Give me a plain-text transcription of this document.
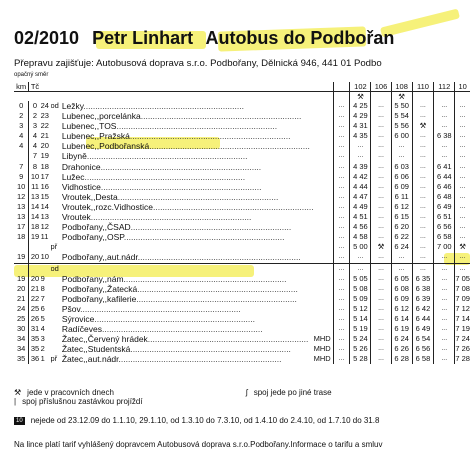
02/2010 Petr Linhart Autobus do Podbořan
Přepravu zajišťuje: Autobusová doprava s.r.o. Podbořany, Dělnická 946, 441 01 Podbo
opačný směr
km	Tč						102	106	108	110	112	10
							⚒		⚒			
0	0	24	od	Ležky .....		...	4 25	...	5 50	...	...	...
2	2	23		Lubenec,,porcelánka .....		...	4 29	...	5 54	...	...	...
3	3	22		Lubenec,,TOS .....		...	4 31	...	5 56	⚒	...	...
4	4	21		Lubenec,,Pražská .....		...	4 35	...	6 00	...	6 38	...
4	4	20		Lubenec,,Podbořanská .....		...	...	...	...	...	...	...
	7	19		Libyně .....		...	...	...	...	...	...	...
7	8	18		Drahonice .....		...	4 39	...	6 03	...	6 41	...
9	10	17		Lužec .....		...	4 42	...	6 06	...	6 44	...
10	11	16		Vidhostice .....		...	4 44	...	6 09	...	6 46	...
12	13	15		Vroutek,,Desta .....		...	4 47	...	6 11	...	6 48	...
13	14	14		Vroutek,,rozc.Vidhostice .....		...	4 49	...	6 12	...	6 49	...
13	14	13		Vroutek .....		...	4 51	...	6 15	...	6 51	...
17	18	12		Podbořany,,ČSAD .....		...	4 56	...	6 20	...	6 56	...
18	19	11		Podbořany,,OSP .....		...	4 58	...	6 22	...	6 58	...
			př			...	5 00	⚒	6 24	...	7 00	⚒
19	20	10		Podbořany,,aut.nádr. .....		...	...	...	...	...	...	...
			od			...	...	...	...	...	...	...
19	20	9		Podbořany,,nám. .....		...	5 05	...	6 05	6 35	...	7 05
20	21	8		Podbořany,,Žatecká .....		...	5 08	...	6 08	6 38	...	7 08
21	22	7		Podbořany,,kafilerie .....		...	5 09	...	6 09	6 39	...	7 09
24	25	6		Pšov .....		...	5 12	...	6 12	6 42	...	7 12
25	26	5		Sýrovice .....		...	5 14	...	6 14	6 44	...	7 14
30	31	4		Radíčeves .....		...	5 19	...	6 19	6 49	...	7 19
34	35	3		Žatec,,Červený hrádek .....	MHD	...	5 24	...	6 24	6 54	...	7 24
34	35	2		Žatec,,Studentská .....	MHD	...	5 26	...	6 26	6 56	...	7 26
35	36	1	př	Žatec,,aut.nádr. .....	MHD	...	5 28	...	6 28	6 58	...	7 28
⚒ jede v pracovních dnech	ʃ spoj jede po jiné trase
| spoj příslušnou zastávkou projíždí
10 nejede od 23.12.09 do 1.1.10, 29.1.10, od 1.3.10 do 7.3.10, od 1.4.10 do 2.4.10, od 1.7.10 do 31.8
Na lince platí tarif vyhlášený dopravcem Autobusová doprava s.r.o.Podbořany.Informace o tarifu a smluv
